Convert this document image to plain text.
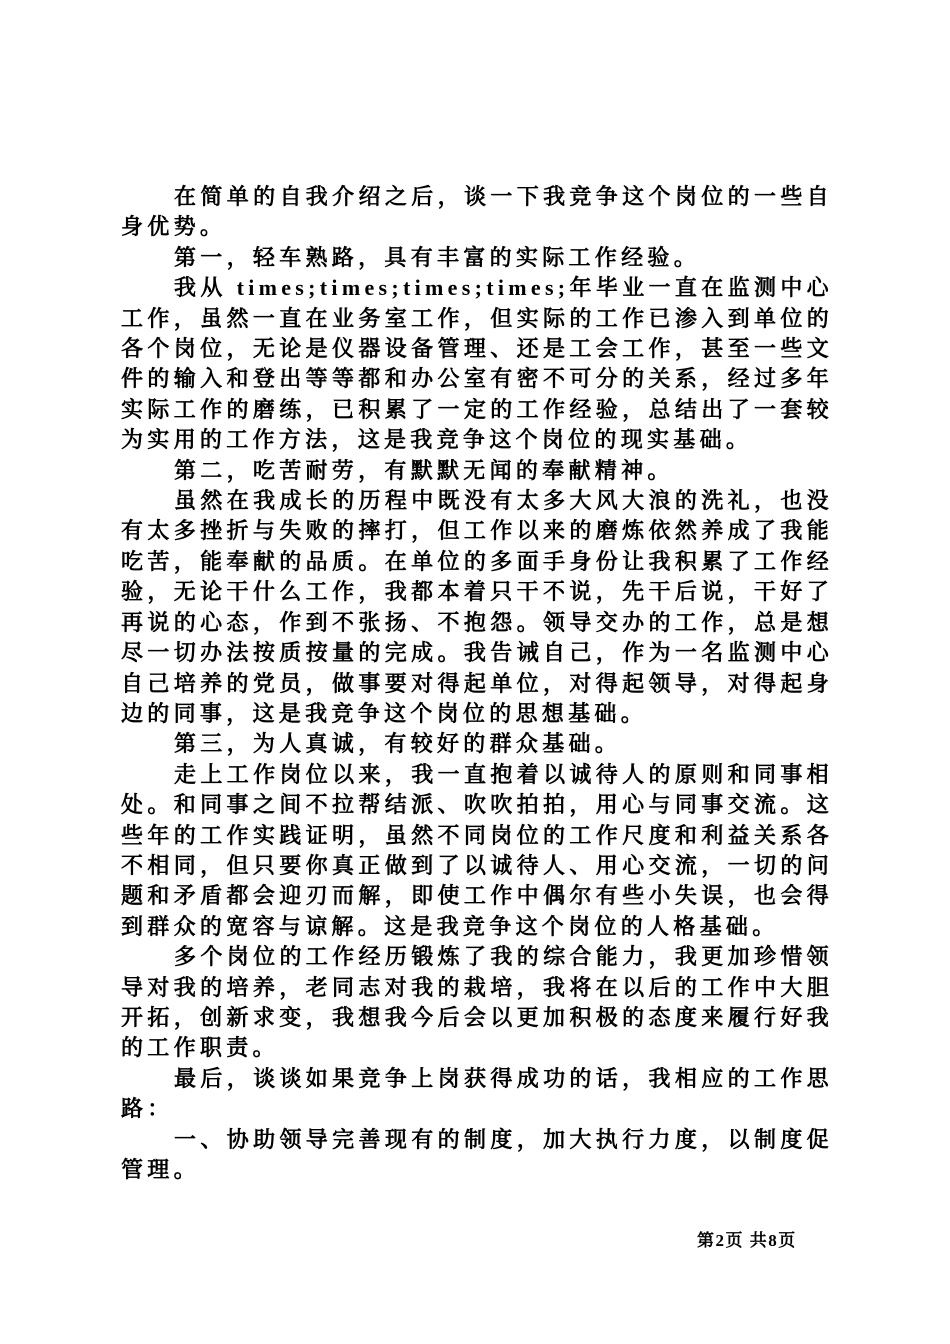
在简单的自我介绍之后，谈一下我竞争这个岗位的一些自身优势。

第一，轻车熟路，具有丰富的实际工作经验。

我从 times;times;times;times;年毕业一直在监测中心工作，虽然一直在业务室工作，但实际的工作已渗入到单位的各个岗位，无论是仪器设备管理、还是工会工作，甚至一些文件的输入和登出等等都和办公室有密不可分的关系，经过多年实际工作的磨练，已积累了一定的工作经验，总结出了一套较为实用的工作方法，这是我竞争这个岗位的现实基础。

第二，吃苦耐劳，有默默无闻的奉献精神。

虽然在我成长的历程中既没有太多大风大浪的洗礼，也没有太多挫折与失败的摔打，但工作以来的磨炼依然养成了我能吃苦，能奉献的品质。在单位的多面手身份让我积累了工作经验，无论干什么工作，我都本着只干不说，先干后说，干好了再说的心态，作到不张扬、不抱怨。领导交办的工作，总是想尽一切办法按质按量的完成。我告诫自己，作为一名监测中心自己培养的党员，做事要对得起单位，对得起领导，对得起身边的同事，这是我竞争这个岗位的思想基础。

第三，为人真诚，有较好的群众基础。

走上工作岗位以来，我一直抱着以诚待人的原则和同事相处。和同事之间不拉帮结派、吹吹拍拍，用心与同事交流。这些年的工作实践证明，虽然不同岗位的工作尺度和利益关系各不相同，但只要你真正做到了以诚待人、用心交流，一切的问题和矛盾都会迎刃而解，即使工作中偶尔有些小失误，也会得到群众的宽容与谅解。这是我竞争这个岗位的人格基础。

多个岗位的工作经历锻炼了我的综合能力，我更加珍惜领导对我的培养，老同志对我的栽培，我将在以后的工作中大胆开拓，创新求变，我想我今后会以更加积极的态度来履行好我的工作职责。

最后，谈谈如果竞争上岗获得成功的话，我相应的工作思路：

一、协助领导完善现有的制度，加大执行力度，以制度促管理。

第2页 共8页
